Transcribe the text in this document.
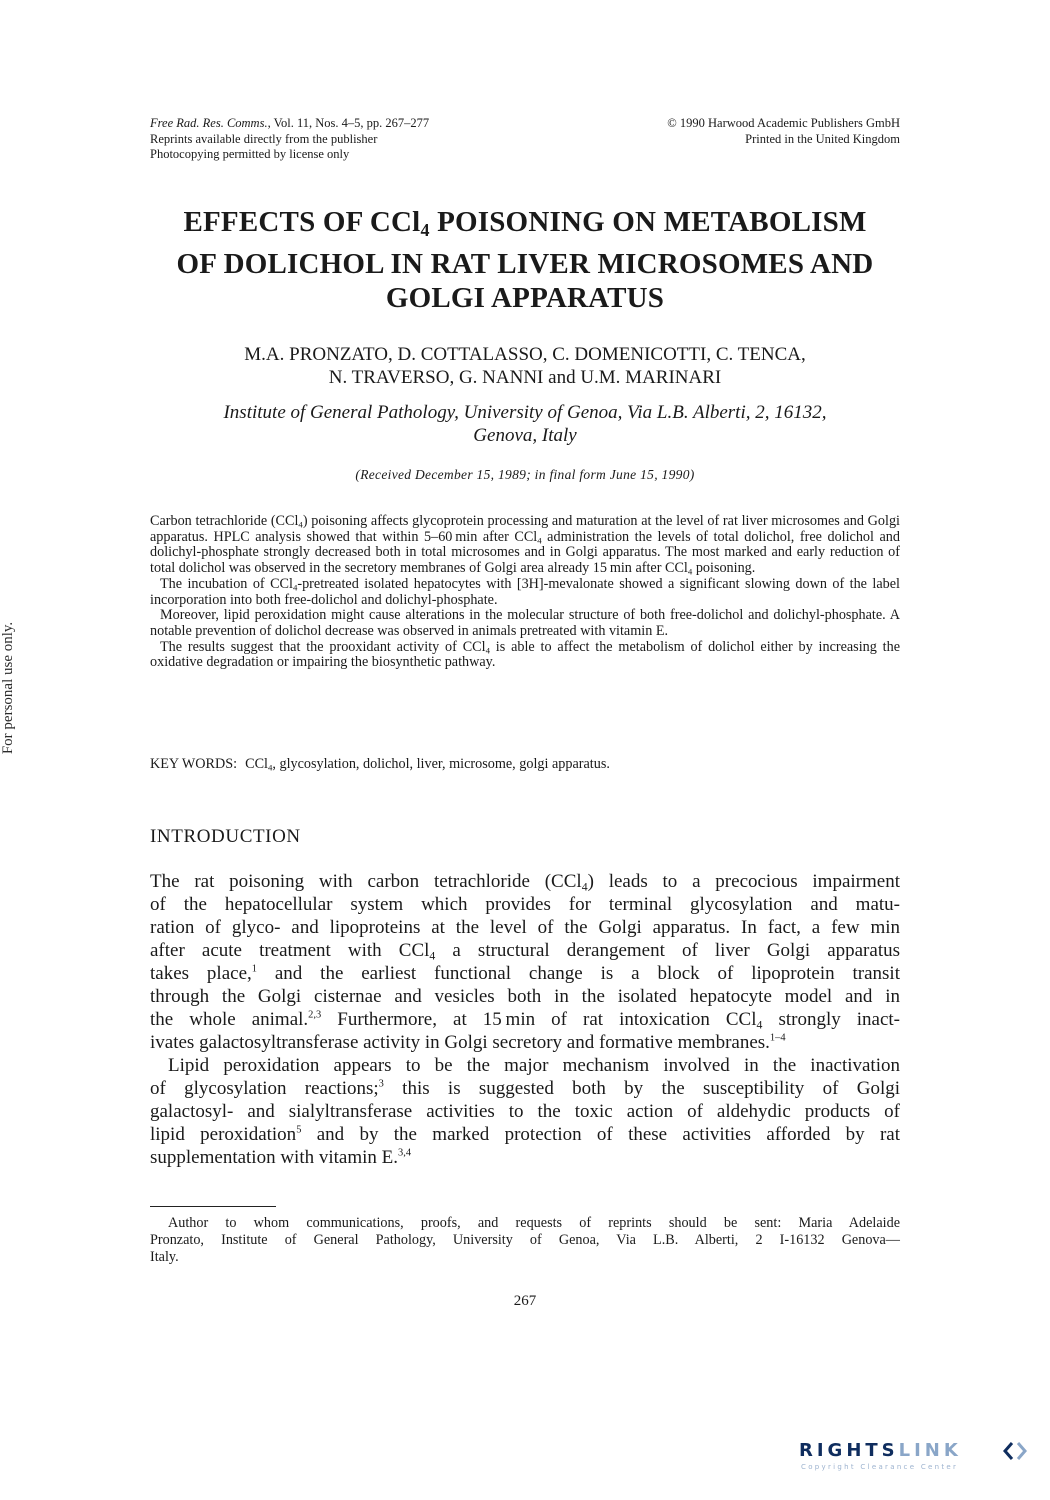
Free Rad. Res. Comms., Vol. 11, Nos. 4–5, pp. 267–277
Reprints available directly from the publisher
Photocopying permitted by license only
© 1990 Harwood Academic Publishers GmbH
Printed in the United Kingdom
EFFECTS OF CCl4 POISONING ON METABOLISM
OF DOLICHOL IN RAT LIVER MICROSOMES AND
GOLGI APPARATUS
M.A. PRONZATO, D. COTTALASSO, C. DOMENICOTTI, C. TENCA,
N. TRAVERSO, G. NANNI and U.M. MARINARI
Institute of General Pathology, University of Genoa, Via L.B. Alberti, 2, 16132,
Genova, Italy
(Received December 15, 1989; in final form June 15, 1990)

Carbon tetrachloride (CCl$_4$) poisoning affects glycoprotein processing and maturation at the level of rat liver microsomes and Golgi apparatus. HPLC analysis showed that within 5–60 min after CCl$_4$ administration the levels of total dolichol, free dolichol and dolichyl-phosphate strongly decreased both in total microsomes and in Golgi apparatus. The most marked and early reduction of total dolichol was observed in the secretory membranes of Golgi area already 15 min after CCl$_4$ poisoning.

The incubation of CCl$_4$-pretreated isolated hepatocytes with [3H]-mevalonate showed a significant slowing down of the label incorporation into both free-dolichol and dolichyl-phosphate.

Moreover, lipid peroxidation might cause alterations in the molecular structure of both free-dolichol and dolichyl-phosphate. A notable prevention of dolichol decrease was observed in animals pretreated with vitamin E.

The results suggest that the prooxidant activity of CCl$_4$ is able to affect the metabolism of dolichol either by increasing the oxidative degradation or impairing the biosynthetic pathway.

KEY WORDS: CCl$_4$, glycosylation, dolichol, liver, microsome, golgi apparatus.
INTRODUCTION
The rat poisoning with carbon tetrachloride (CCl$_4$) leads to a precocious impairment
of the hepatocellular system which provides for terminal glycosylation and matu-
ration of glyco- and lipoproteins at the level of the Golgi apparatus. In fact, a few min
after acute treatment with CCl$_4$ a structural derangement of liver Golgi apparatus
takes place,$^1$ and the earliest functional change is a block of lipoprotein transit
through the Golgi cisternae and vesicles both in the isolated hepatocyte model and in
the whole animal.$^{2,3}$ Furthermore, at 15 min of rat intoxication CCl$_4$ strongly inact-
ivates galactosyltransferase activity in Golgi secretory and formative membranes.$^{1-4}$
Lipid peroxidation appears to be the major mechanism involved in the inactivation
of glycosylation reactions;$^3$ this is suggested both by the susceptibility of Golgi
galactosyl- and sialyltransferase activities to the toxic action of aldehydic products of
lipid peroxidation$^5$ and by the marked protection of these activities afforded by rat
supplementation with vitamin E.$^{3,4}$
Author to whom communications, proofs, and requests of reprints should be sent: Maria Adelaide
Pronzato, Institute of General Pathology, University of Genoa, Via L.B. Alberti, 2 I-16132 Genova—
Italy.
267
For personal use only.
RIGHTSLINK
Copyright Clearance Center
